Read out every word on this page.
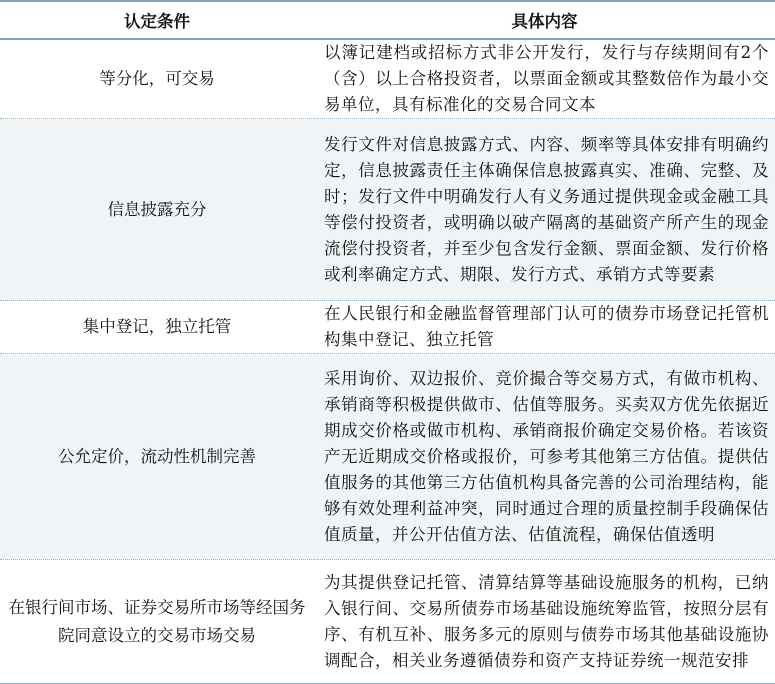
认定条件	具体内容
等分化，可交易	以簿记建档或招标方式非公开发行，发行与存续期间有2个（含）以上合格投资者，以票面金额或其整数倍作为最小交易单位，具有标准化的交易合同文本
信息披露充分	发行文件对信息披露方式、内容、频率等具体安排有明确约定，信息披露责任主体确保信息披露真实、准确、完整、及时；发行文件中明确发行人有义务通过提供现金或金融工具等偿付投资者，或明确以破产隔离的基础资产所产生的现金流偿付投资者，并至少包含发行金额、票面金额、发行价格或利率确定方式、期限、发行方式、承销方式等要素
集中登记，独立托管	在人民银行和金融监督管理部门认可的债券市场登记托管机构集中登记、独立托管
公允定价，流动性机制完善	采用询价、双边报价、竞价撮合等交易方式，有做市机构、承销商等积极提供做市、估值等服务。买卖双方优先依据近期成交价格或做市机构、承销商报价确定交易价格。若该资产无近期成交价格或报价，可参考其他第三方估值。提供估值服务的其他第三方估值机构具备完善的公司治理结构，能够有效处理利益冲突，同时通过合理的质量控制手段确保估值质量，并公开估值方法、估值流程，确保估值透明
在银行间市场、证券交易所市场等经国务院同意设立的交易市场交易	为其提供登记托管、清算结算等基础设施服务的机构，已纳入银行间、交易所债券市场基础设施统筹监管，按照分层有序、有机互补、服务多元的原则与债券市场其他基础设施协调配合，相关业务遵循债券和资产支持证券统一规范安排
